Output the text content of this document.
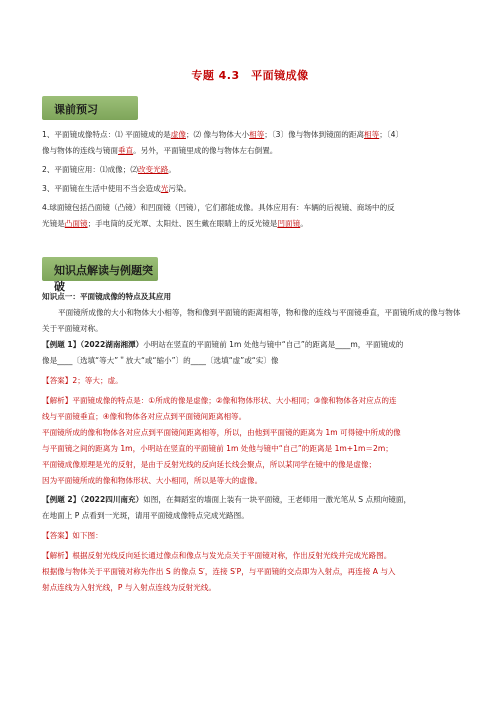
专题 4.3　平面镜成像
课前预习
1、平面镜成像特点：⑴ 平面镜成的是虚像；⑵ 像与物体大小相等；〔3〕像与物体到镜面的距离相等；〔4〕
像与物体的连线与镜面垂直。另外，平面镜里成的像与物体左右倒置。
2、平面镜应用：⑴成像；⑵改变光路。
3、平面镜在生活中使用不当会造成光污染。
4.球面镜包括凸面镜（凸镜）和凹面镜（凹镜），它们都能成像。具体应用有：车辆的后视镜、商场中的反
光镜是凸面镜；手电筒的反光罩、太阳灶、医生戴在眼睛上的反光镜是凹面镜。
知识点解读与例题突破
知识点一：平面镜成像的特点及其应用
平面镜所成像的大小和物体大小相等，物和像到平面镜的距离相等，物和像的连线与平面镜垂直，平面镜所成的像与物体关于平面镜对称。
【例题 1】（2022湖南湘潭）小明站在竖直的平面镜前 1m 处他与镜中“自己”的距离是____m，平面镜成的
像是____〔选填“等大”＂放大“或“缩小”〕的____〔选填“虚”或“实〕像
【答案】2；等大；虚。
【解析】平面镜成像的特点是：①所成的像是虚像；②像和物体形状、大小相同；③像和物体各对应点的连
线与平面镜垂直；④像和物体各对应点到平面镜间距离相等。
平面镜所成的像和物体各对应点到平面镜间距离相等，所以，由他到平面镜的距离为 1m 可得镜中所成的像
与平面镜之间的距离为 1m，小明站在竖直的平面镜前 1m 处他与镜中“自己”的距离是 1m+1m＝2m；
平面镜成像原理是光的反射，是由于反射光线的反向延长线会聚点，所以某同学在镜中的像是虚像；
因为平面镜所成的像和物体形状、大小相同，所以是等大的虚像。
【例题 2】（2022四川南充）如图，在舞蹈室的墙面上装有一块平面镜，王老师用一激光笔从 S 点照向镜面，
在地面上 P 点看到一光斑，请用平面镜成像特点完成光路图。
【答案】如下图：
【解析】根据反射光线反向延长通过像点和像点与发光点关于平面镜对称，作出反射光线并完成光路图。
根据像与物体关于平面镜对称先作出 S 的像点 S′，连接 S′P，与平面镜的交点即为入射点，再连接 A 与入
射点连线为入射光线，P 与入射点连线为反射光线。
